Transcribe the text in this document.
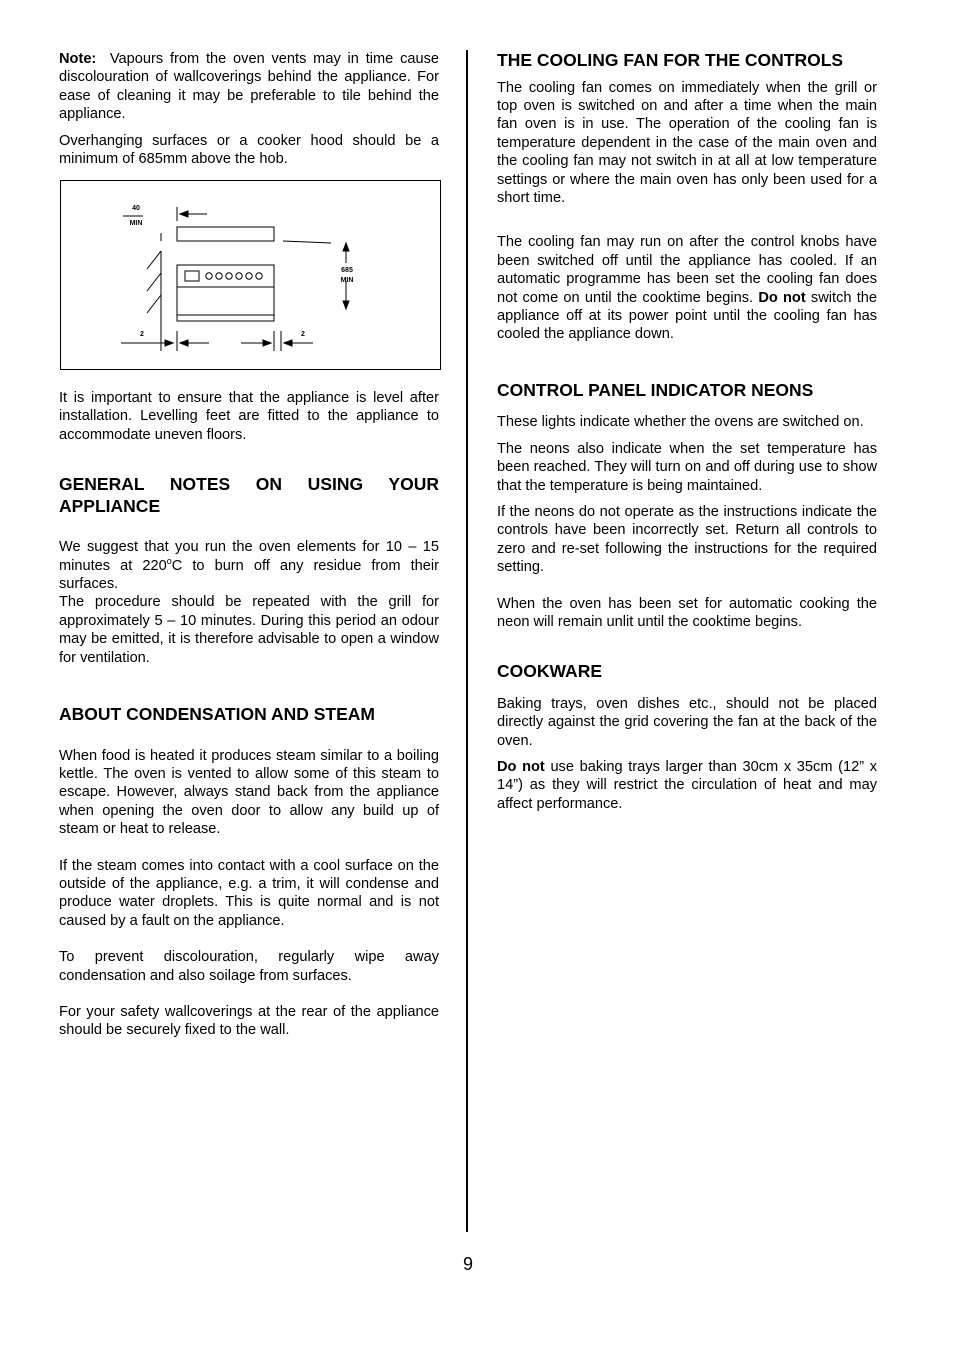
Note: Vapours from the oven vents may in time cause discolouration of wallcoverings behind the appliance. For ease of cleaning it may be preferable to tile behind the appliance.

Overhanging surfaces or a cooker hood should be a minimum of 685mm above the hob.

40
MIN
685
MIN
2	2

It is important to ensure that the appliance is level after installation. Levelling feet are fitted to the appliance to accommodate uneven floors.

GENERAL NOTES ON USING YOUR APPLIANCE

We suggest that you run the oven elements for 10 – 15 minutes at 220$^o$C to burn off any residue from their surfaces.

The procedure should be repeated with the grill for approximately 5 – 10 minutes. During this period an odour may be emitted, it is therefore advisable to open a window for ventilation.

ABOUT CONDENSATION AND STEAM

When food is heated it produces steam similar to a boiling kettle. The oven is vented to allow some of this steam to escape. However, always stand back from the appliance when opening the oven door to allow any build up of steam or heat to release.

If the steam comes into contact with a cool surface on the outside of the appliance, e.g. a trim, it will condense and produce water droplets. This is quite normal and is not caused by a fault on the appliance.

To prevent discolouration, regularly wipe away condensation and also soilage from surfaces.

For your safety wallcoverings at the rear of the appliance should be securely fixed to the wall.

THE COOLING FAN FOR THE CONTROLS

The cooling fan comes on immediately when the grill or top oven is switched on and after a time when the main fan oven is in use. The operation of the cooling fan is temperature dependent in the case of the main oven and the cooling fan may not switch in at all at low temperature settings or where the main oven has only been used for a short time.

The cooling fan may run on after the control knobs have been switched off until the appliance has cooled. If an automatic programme has been set the cooling fan does not come on until the cooktime begins. Do not switch the appliance off at its power point until the cooling fan has cooled the appliance down.

CONTROL PANEL INDICATOR NEONS

These lights indicate whether the ovens are switched on.

The neons also indicate when the set temperature has been reached. They will turn on and off during use to show that the temperature is being maintained.

If the neons do not operate as the instructions indicate the controls have been incorrectly set. Return all controls to zero and re-set following the instructions for the required setting.

When the oven has been set for automatic cooking the neon will remain unlit until the cooktime begins.

COOKWARE

Baking trays, oven dishes etc., should not be placed directly against the grid covering the fan at the back of the oven.

Do not use baking trays larger than 30cm x 35cm (12” x 14”) as they will restrict the circulation of heat and may affect performance.

9
